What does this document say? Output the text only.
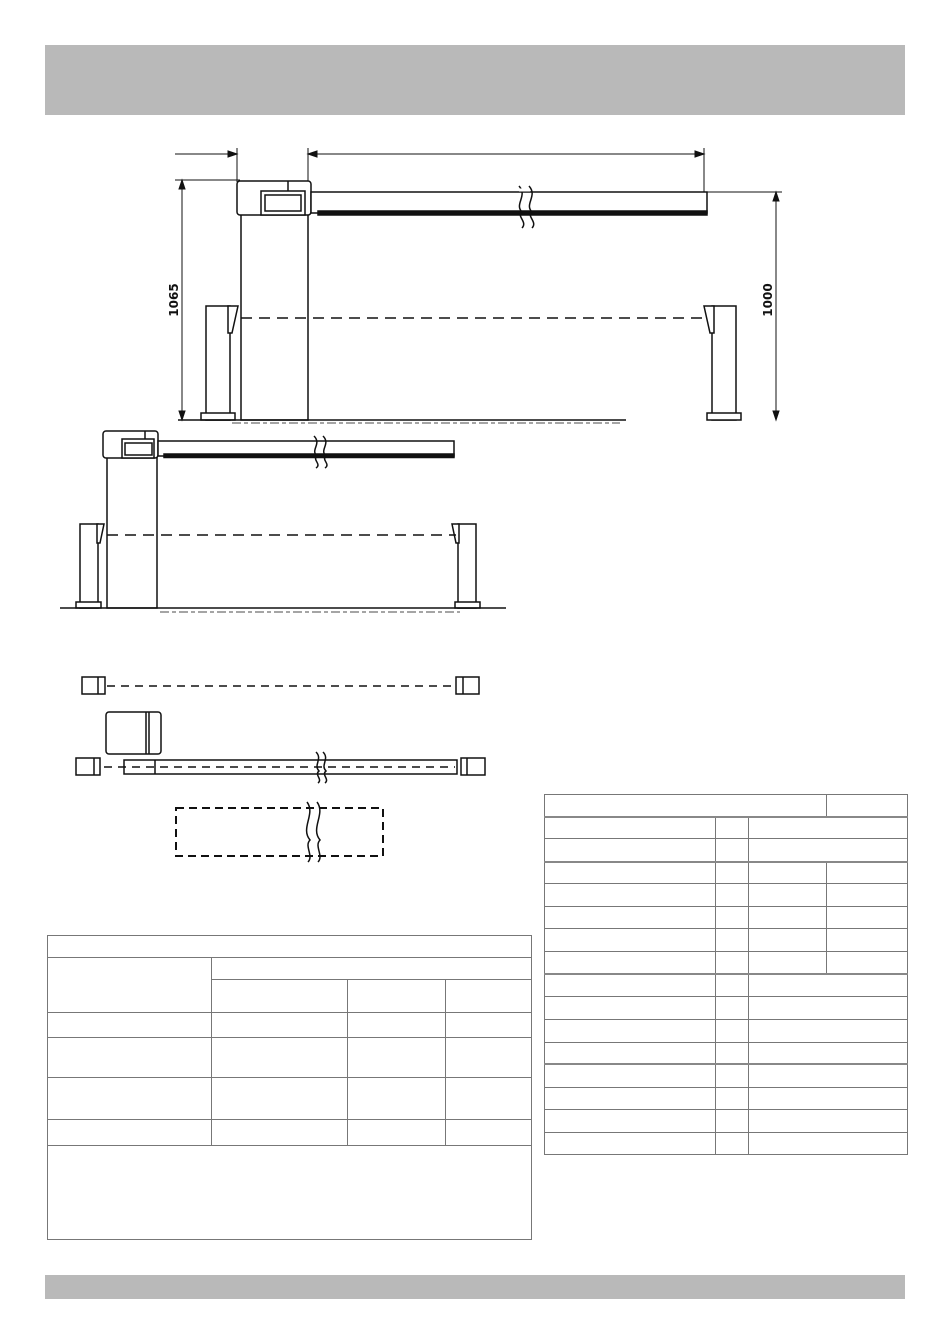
1065	1000
